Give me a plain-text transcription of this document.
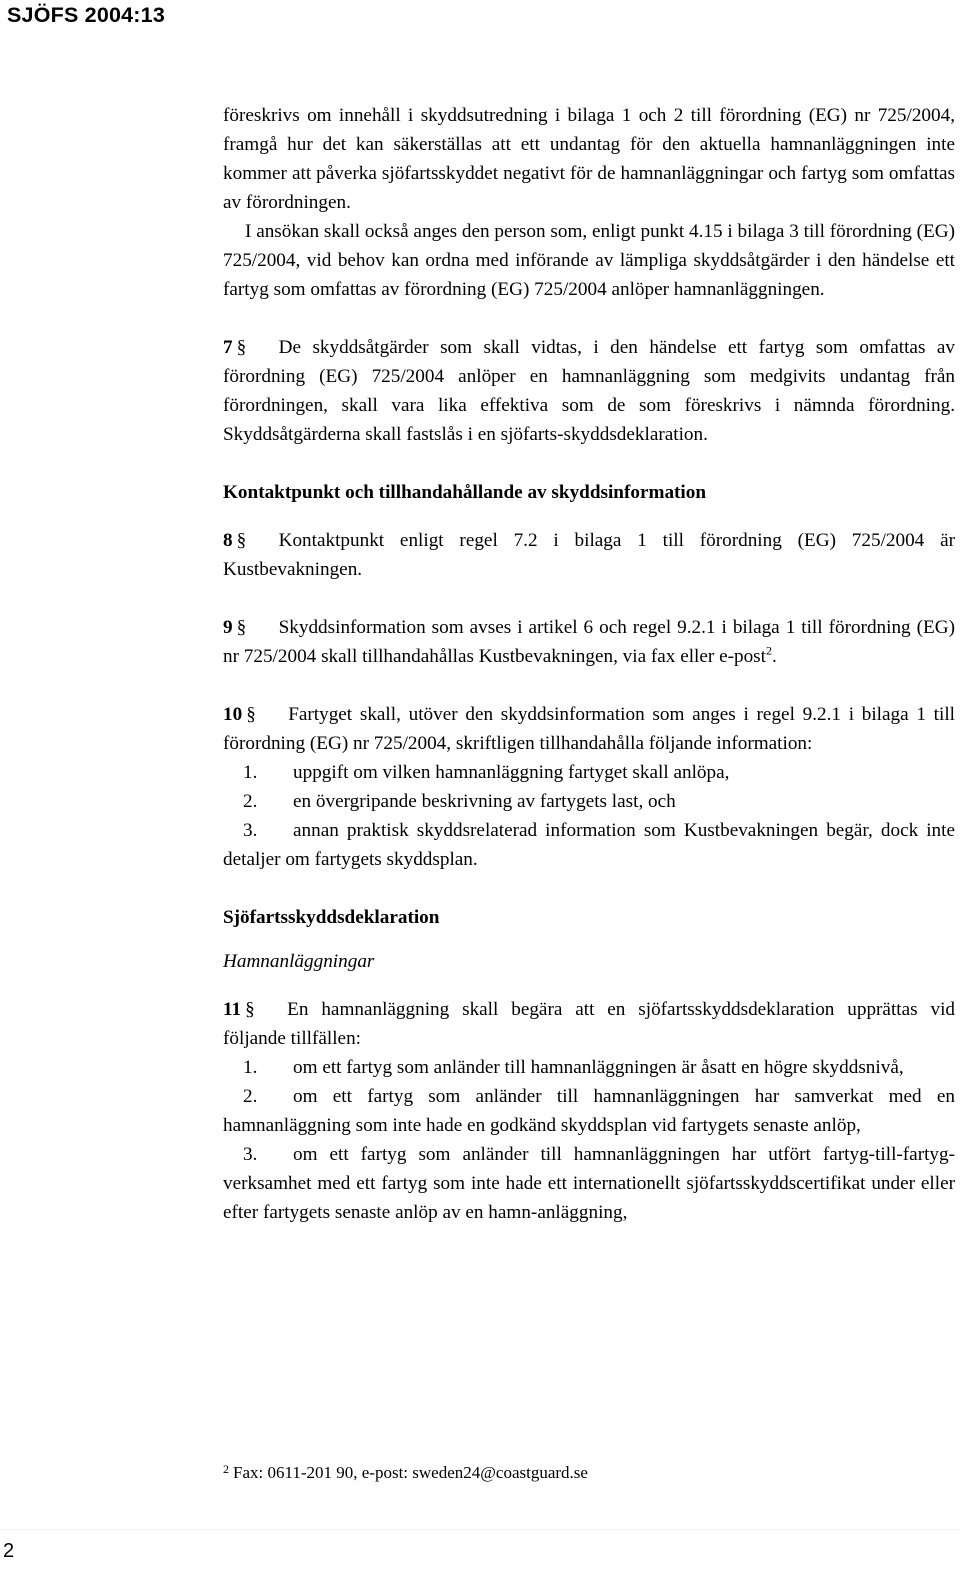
SJÖFS 2004:13

föreskrivs om innehåll i skyddsutredning i bilaga 1 och 2 till förordning (EG) nr 725/2004, framgå hur det kan säkerställas att ett undantag för den aktuella hamnanläggningen inte kommer att påverka sjöfartsskyddet negativt för de hamnanläggningar och fartyg som omfattas av förordningen.

I ansökan skall också anges den person som, enligt punkt 4.15 i bilaga 3 till förordning (EG) 725/2004, vid behov kan ordna med införande av lämpliga skyddsåtgärder i den händelse ett fartyg som omfattas av förordning (EG) 725/2004 anlöper hamnanläggningen.

7 § De skyddsåtgärder som skall vidtas, i den händelse ett fartyg som omfattas av förordning (EG) 725/2004 anlöper en hamnanläggning som medgivits undantag från förordningen, skall vara lika effektiva som de som föreskrivs i nämnda förordning. Skyddsåtgärderna skall fastslås i en sjöfarts-skyddsdeklaration.

Kontaktpunkt och tillhandahållande av skyddsinformation

8 § Kontaktpunkt enligt regel 7.2 i bilaga 1 till förordning (EG) 725/2004 är Kustbevakningen.

9 § Skyddsinformation som avses i artikel 6 och regel 9.2.1 i bilaga 1 till förordning (EG) nr 725/2004 skall tillhandahållas Kustbevakningen, via fax eller e-post$^2$.

10 § Fartyget skall, utöver den skyddsinformation som anges i regel 9.2.1 i bilaga 1 till förordning (EG) nr 725/2004, skriftligen tillhandahålla följande information:

1. uppgift om vilken hamnanläggning fartyget skall anlöpa,

2. en övergripande beskrivning av fartygets last, och

3. annan praktisk skyddsrelaterad information som Kustbevakningen begär, dock inte detaljer om fartygets skyddsplan.

Sjöfartsskyddsdeklaration

Hamnanläggningar

11 § En hamnanläggning skall begära att en sjöfartsskyddsdeklaration upprättas vid följande tillfällen:

1. om ett fartyg som anländer till hamnanläggningen är åsatt en högre skyddsnivå,

2. om ett fartyg som anländer till hamnanläggningen har samverkat med en hamnanläggning som inte hade en godkänd skyddsplan vid fartygets senaste anlöp,

3. om ett fartyg som anländer till hamnanläggningen har utfört fartyg-till-fartyg-verksamhet med ett fartyg som inte hade ett internationellt sjöfartsskyddscertifikat under eller efter fartygets senaste anlöp av en hamn-anläggning,

$^2$ Fax: 0611-201 90, e-post: sweden24@coastguard.se
2
